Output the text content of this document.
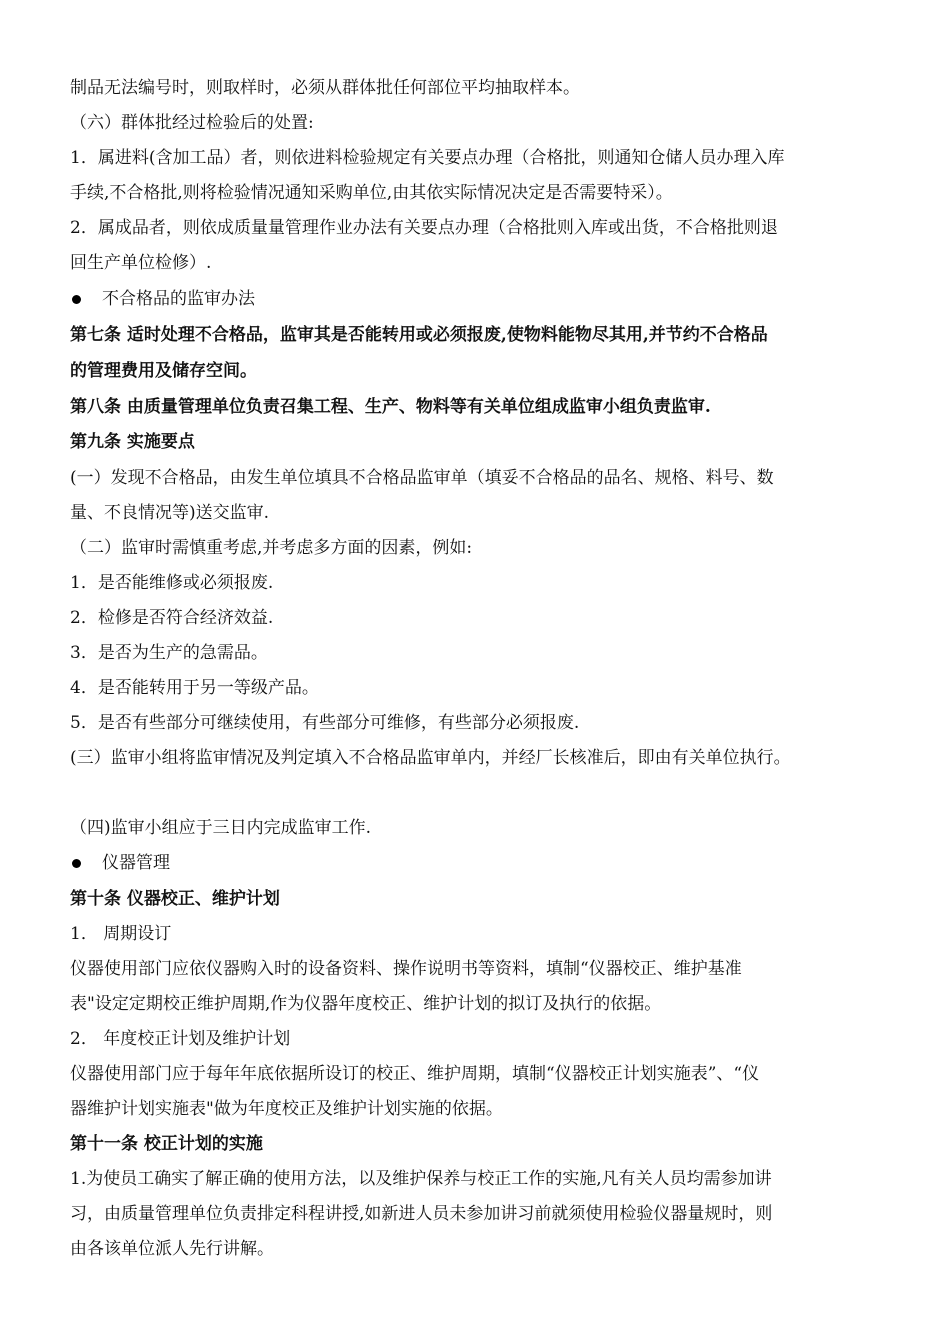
制品无法编号时，则取样时，必须从群体批任何部位平均抽取样本。
（六）群体批经过检验后的处置:
1．属进料(含加工品）者，则依进料检验规定有关要点办理（合格批，则通知仓储人员办理入库
手续,不合格批,则将检验情况通知采购单位,由其依实际情况决定是否需要特采）。
2．属成品者，则依成质量量管理作业办法有关要点办理（合格批则入库或出货，不合格批则退
回生产单位检修）.
不合格品的监审办法
第七条 适时处理不合格品，监审其是否能转用或必须报废,使物料能物尽其用,并节约不合格品
的管理费用及储存空间。
第八条 由质量管理单位负责召集工程、生产、物料等有关单位组成监审小组负责监审.
第九条 实施要点
(一）发现不合格品，由发生单位填具不合格品监审单（填妥不合格品的品名、规格、料号、数
量、不良情况等)送交监审.
（二）监审时需慎重考虑,并考虑多方面的因素，例如:
1．是否能维修或必须报废.
2．检修是否符合经济效益.
3．是否为生产的急需品。
4．是否能转用于另一等级产品。
5．是否有些部分可继续使用，有些部分可维修，有些部分必须报废.
(三）监审小组将监审情况及判定填入不合格品监审单内，并经厂长核准后，即由有关单位执行。
（四)监审小组应于三日内完成监审工作.
仪器管理
第十条 仪器校正、维护计划
1． 周期设订
仪器使用部门应依仪器购入时的设备资料、操作说明书等资料，填制“仪器校正、维护基准
表"设定定期校正维护周期,作为仪器年度校正、维护计划的拟订及执行的依据。
2． 年度校正计划及维护计划
仪器使用部门应于每年年底依据所设订的校正、维护周期，填制“仪器校正计划实施表”、“仪
器维护计划实施表"做为年度校正及维护计划实施的依据。
第十一条 校正计划的实施
1.为使员工确实了解正确的使用方法，以及维护保养与校正工作的实施,凡有关人员均需参加讲
习，由质量管理单位负责排定科程讲授,如新进人员未参加讲习前就须使用检验仪器量规时，则
由各该单位派人先行讲解。
